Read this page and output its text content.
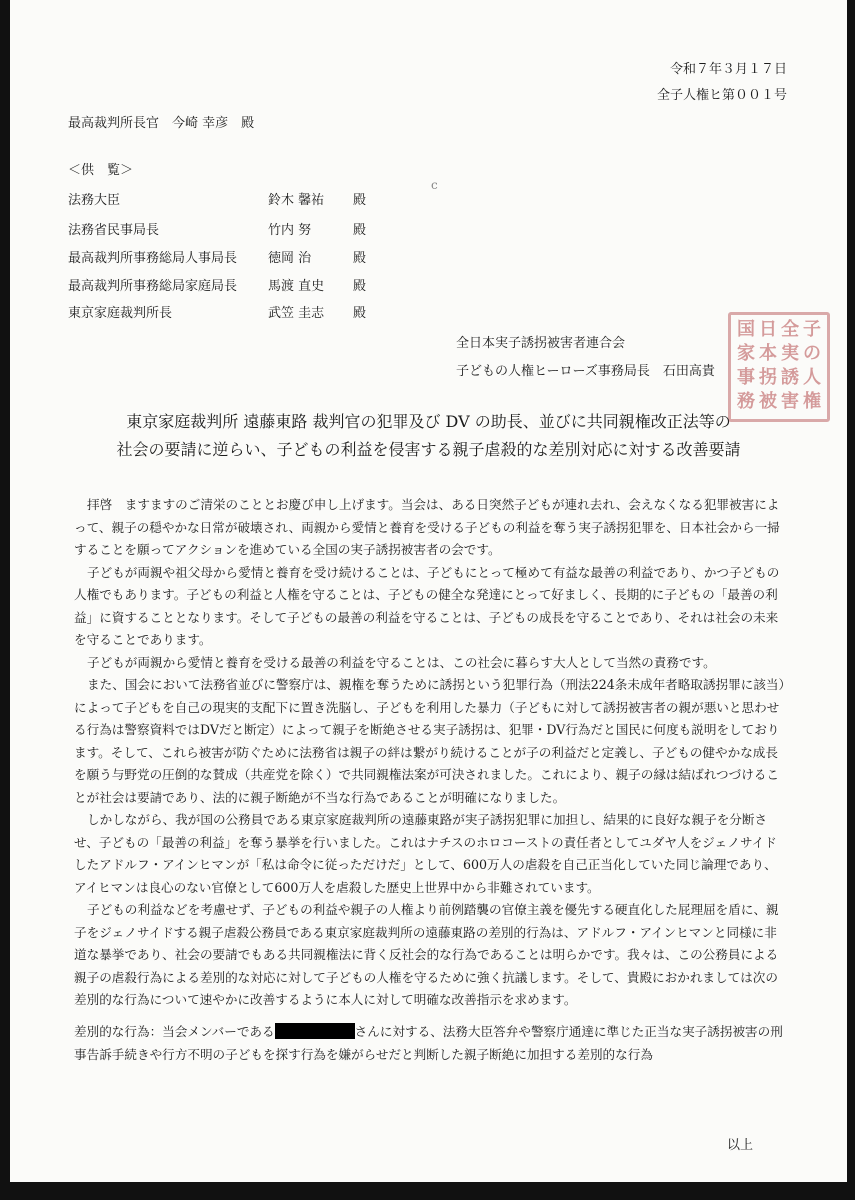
令和７年３月１７日
全子人権ヒ第００１号
最高裁判所長官　今崎 幸彦　殿
＜供　覧＞
c
法務大臣	鈴木 馨祐 殿
法務省民事局長	竹内 努	殿
最高裁判所事務総局人事局長 徳岡 治	殿
最高裁判所事務総局家庭局長 馬渡 直史 殿
東京家庭裁判所長	武笠 圭志 殿
全日本実子誘拐被害者連合会
子どもの人権ヒーローズ事務局長　石田高貴
国 日 全 子
家 本 実 の
事 拐 誘 人
務 被 害 権
東京家庭裁判所 遠藤東路 裁判官の犯罪及び DV の助長、並びに共同親権改正法等の
社会の要請に逆らい、子どもの利益を侵害する親子虐殺的な差別対応に対する改善要請

拝啓　ますますのご清栄のこととお慶び申し上げます。当会は、ある日突然子どもが連れ去れ、会えなくなる犯罪被害によって、親子の穏やかな日常が破壊され、両親から愛情と養育を受ける子どもの利益を奪う実子誘拐犯罪を、日本社会から一掃することを願ってアクションを進めている全国の実子誘拐被害者の会です。

子どもが両親や祖父母から愛情と養育を受け続けることは、子どもにとって極めて有益な最善の利益であり、かつ子どもの人権でもあります。子どもの利益と人権を守ることは、子どもの健全な発達にとって好ましく、長期的に子どもの「最善の利益」に資することとなります。そして子どもの最善の利益を守ることは、子どもの成長を守ることであり、それは社会の未来を守ることであります。

子どもが両親から愛情と養育を受ける最善の利益を守ることは、この社会に暮らす大人として当然の責務です。

また、国会において法務省並びに警察庁は、親権を奪うために誘拐という犯罪行為（刑法224条未成年者略取誘拐罪に該当）によって子どもを自己の現実的支配下に置き洗脳し、子どもを利用した暴力（子どもに対して誘拐被害者の親が悪いと思わせる行為は警察資料ではDVだと断定）によって親子を断絶させる実子誘拐は、犯罪・DV行為だと国民に何度も説明をしております。そして、これら被害が防ぐために法務省は親子の絆は繋がり続けることが子の利益だと定義し、子どもの健やかな成長を願う与野党の圧倒的な賛成（共産党を除く）で共同親権法案が可決されました。これにより、親子の縁は結ばれつづけることが社会は要請であり、法的に親子断絶が不当な行為であることが明確になりました。

しかしながら、我が国の公務員である東京家庭裁判所の遠藤東路が実子誘拐犯罪に加担し、結果的に良好な親子を分断させ、子どもの「最善の利益」を奪う暴挙を行いました。これはナチスのホロコーストの責任者としてユダヤ人をジェノサイドしたアドルフ・アインヒマンが「私は命令に従っただけだ」として、600万人の虐殺を自己正当化していた同じ論理であり、アイヒマンは良心のない官僚として600万人を虐殺した歴史上世界中から非難されています。

子どもの利益などを考慮せず、子どもの利益や親子の人権より前例踏襲の官僚主義を優先する硬直化した屁理屈を盾に、親子をジェノサイドする親子虐殺公務員である東京家庭裁判所の遠藤東路の差別的行為は、アドルフ・アインヒマンと同様に非道な暴挙であり、社会の要請でもある共同親権法に背く反社会的な行為であることは明らかです。我々は、この公務員による親子の虐殺行為による差別的な対応に対して子どもの人権を守るために強く抗議します。そして、貴殿におかれましては次の差別的な行為について速やかに改善するように本人に対して明確な改善指示を求めます。

差別的な行為：当会メンバーである	さんに対する、法務大臣答弁や警察庁通達に準じた正当な実子誘拐被害の刑事告訴手続きや行方不明の子どもを探す行為を嫌がらせだと判断した親子断絶に加担する差別的な行為
以上
